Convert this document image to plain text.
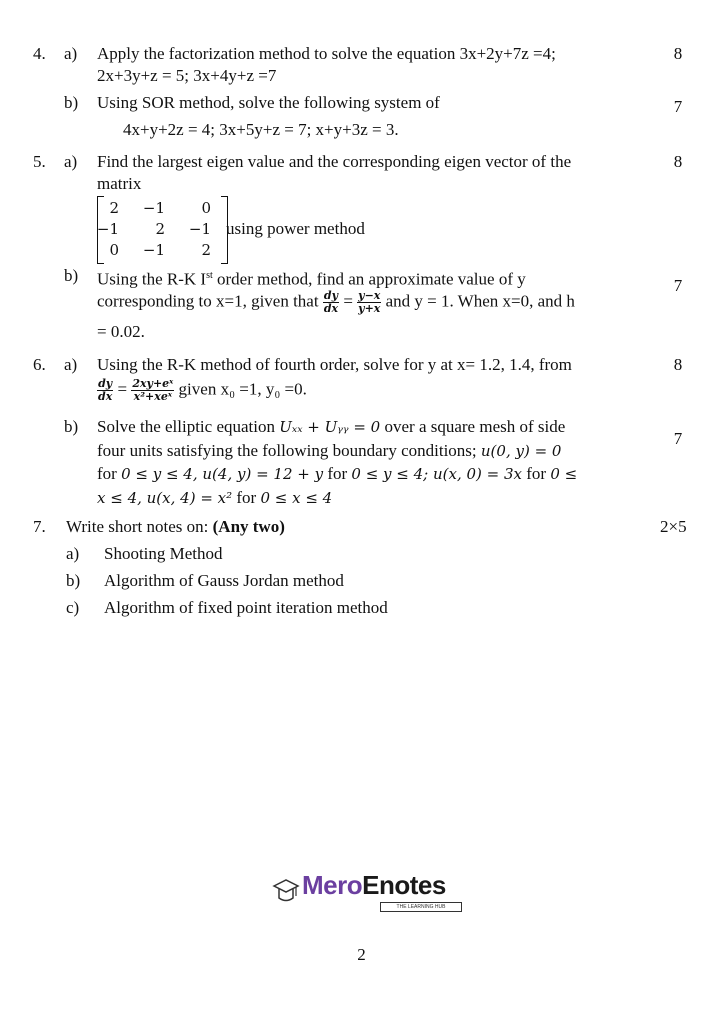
4. a) Apply the factorization method to solve the equation 3x+2y+7z =4;
2x+3y+z = 5; 3x+4y+z =7
8
b) Using SOR method, solve the following system of
4x+y+2z = 4; 3x+5y+z = 7; x+y+3z = 3.
7
5. a) Find the largest eigen value and the corresponding eigen vector of the
matrix
8
2	−1	0
−1	2	−1
0	−1	2
using power method
b) Using the R-K Ist order method, find an approximate value of y
corresponding to x=1, given that $\frac{dy}{dx} = \frac{y-x}{y+x}$ and y = 1. When x=0, and h
= 0.02.
7
6. a) Using the R-K method of fourth order, solve for y at x= 1.2, 1.4, from
$\frac{dy}{dx} = \frac{\text{2xy+eˣ}}{\text{x²+xeˣ}}$ given x₀ =1, y₀ =0.
8
b) Solve the elliptic equation Uₓₓ + Uᵧᵧ = 0 over a square mesh of side
four units satisfying the following boundary conditions; u(0, y) = 0
for 0 ≤ y ≤ 4, u(4, y) = 12 + y for 0 ≤ y ≤ 4; u(x, 0) = 3x for 0 ≤
x ≤ 4, u(x, 4) = x² for 0 ≤ x ≤ 4
7
7. Write short notes on: (Any two)	2×5
a) Shooting Method
b) Algorithm of Gauss Jordan method
c) Algorithm of fixed point iteration method
MeroEnotes
THE LEARNING HUB
2
